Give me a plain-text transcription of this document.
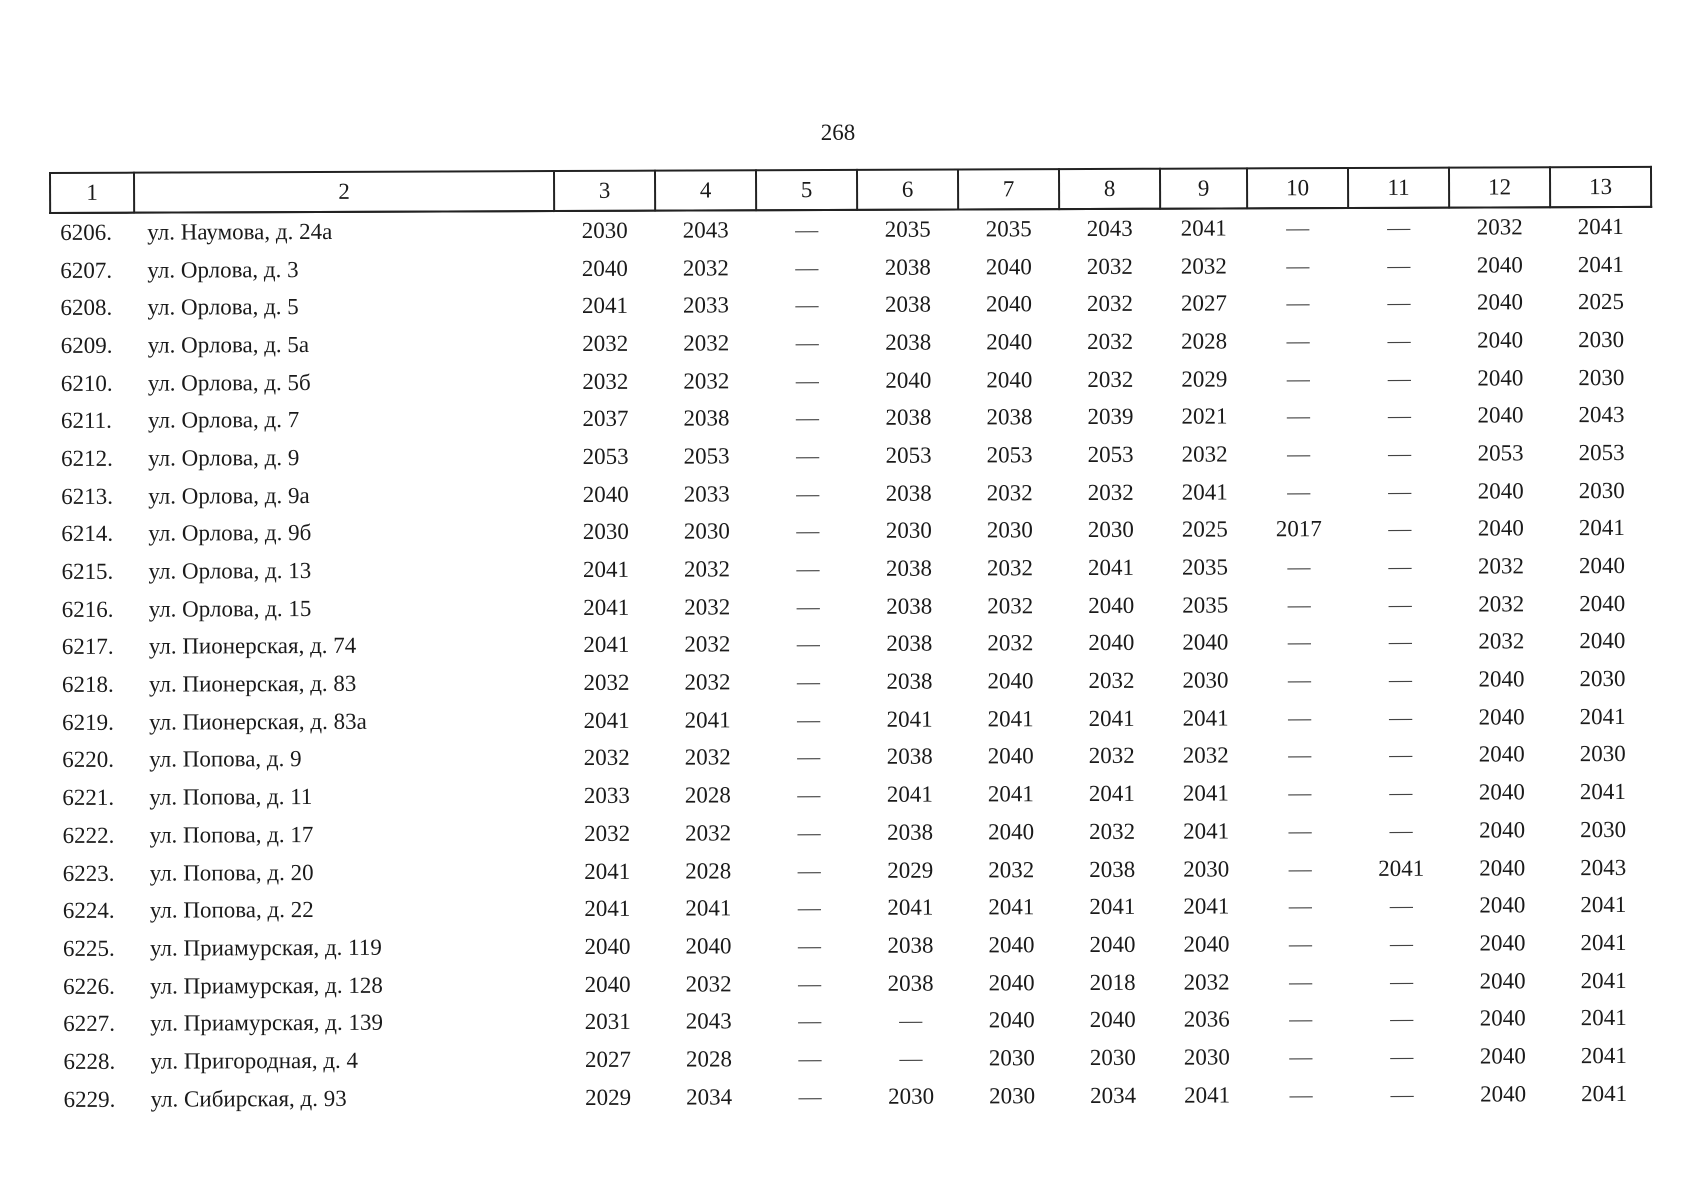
268
1	2	3	4	5	6	7	8	9	10	11	12	13
6206.	ул. Наумова, д. 24а	2030	2043	—	2035	2035	2043	2041	—	—	2032	2041
6207.	ул. Орлова, д. 3	2040	2032	—	2038	2040	2032	2032	—	—	2040	2041
6208.	ул. Орлова, д. 5	2041	2033	—	2038	2040	2032	2027	—	—	2040	2025
6209.	ул. Орлова, д. 5а	2032	2032	—	2038	2040	2032	2028	—	—	2040	2030
6210.	ул. Орлова, д. 5б	2032	2032	—	2040	2040	2032	2029	—	—	2040	2030
6211.	ул. Орлова, д. 7	2037	2038	—	2038	2038	2039	2021	—	—	2040	2043
6212.	ул. Орлова, д. 9	2053	2053	—	2053	2053	2053	2032	—	—	2053	2053
6213.	ул. Орлова, д. 9а	2040	2033	—	2038	2032	2032	2041	—	—	2040	2030
6214.	ул. Орлова, д. 9б	2030	2030	—	2030	2030	2030	2025	2017	—	2040	2041
6215.	ул. Орлова, д. 13	2041	2032	—	2038	2032	2041	2035	—	—	2032	2040
6216.	ул. Орлова, д. 15	2041	2032	—	2038	2032	2040	2035	—	—	2032	2040
6217.	ул. Пионерская, д. 74	2041	2032	—	2038	2032	2040	2040	—	—	2032	2040
6218.	ул. Пионерская, д. 83	2032	2032	—	2038	2040	2032	2030	—	—	2040	2030
6219.	ул. Пионерская, д. 83а	2041	2041	—	2041	2041	2041	2041	—	—	2040	2041
6220.	ул. Попова, д. 9	2032	2032	—	2038	2040	2032	2032	—	—	2040	2030
6221.	ул. Попова, д. 11	2033	2028	—	2041	2041	2041	2041	—	—	2040	2041
6222.	ул. Попова, д. 17	2032	2032	—	2038	2040	2032	2041	—	—	2040	2030
6223.	ул. Попова, д. 20	2041	2028	—	2029	2032	2038	2030	—	2041	2040	2043
6224.	ул. Попова, д. 22	2041	2041	—	2041	2041	2041	2041	—	—	2040	2041
6225.	ул. Приамурская, д. 119	2040	2040	—	2038	2040	2040	2040	—	—	2040	2041
6226.	ул. Приамурская, д. 128	2040	2032	—	2038	2040	2018	2032	—	—	2040	2041
6227.	ул. Приамурская, д. 139	2031	2043	—	—	2040	2040	2036	—	—	2040	2041
6228.	ул. Пригородная, д. 4	2027	2028	—	—	2030	2030	2030	—	—	2040	2041
6229.	ул. Сибирская, д. 93	2029	2034	—	2030	2030	2034	2041	—	—	2040	2041
